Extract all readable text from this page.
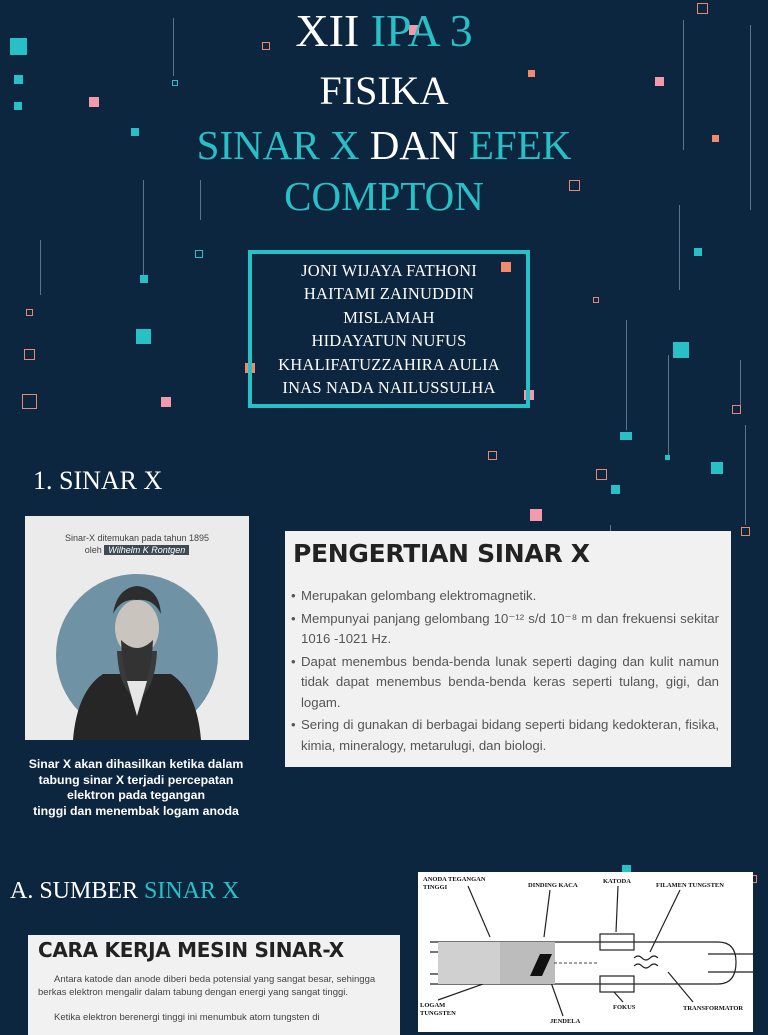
XII IPA 3
FISIKA
SINAR X DAN EFEK
COMPTON
JONI WIJAYA FATHONI
HAITAMI ZAINUDDIN
MISLAMAH
HIDAYATUN NUFUS
KHALIFATUZZAHIRA AULIA
INAS NADA NAILUSSULHA
1. SINAR X
Sinar-X ditemukan pada tahun 1895
oleh Wilhelm K Rontgen
Sinar X akan dihasilkan ketika dalam
tabung sinar X terjadi percepatan
elektron pada tegangan
tinggi dan menembak logam anoda
PENGERTIAN SINAR X
• Merupakan gelombang elektromagnetik.
• Mempunyai panjang gelombang 10⁻¹² s/d 10⁻⁸ m dan frekuensi sekitar 1016 -1021 Hz.
• Dapat menembus benda-benda lunak seperti daging dan kulit namun tidak dapat menembus benda-benda keras seperti tulang, gigi, dan logam.
• Sering di gunakan di berbagai bidang seperti bidang kedokteran, fisika, kimia, mineralogy, metarulugi, dan biologi.
A. SUMBER SINAR X
CARA KERJA MESIN SINAR-X

Antara katode dan anode diberi beda potensial yang sangat besar, sehingga berkas elektron mengalir dalam tabung dengan energi yang sangat tinggi.

Ketika elektron berenergi tinggi ini menumbuk atom tungsten di

ANODA TEGANGAN TINGGI	DINDING KACA
KATODA
FILAMEN TUNGSTEN
LOGAM TUNGSTEN
JENDELA
FOKUS	TRANSFORMATOR
